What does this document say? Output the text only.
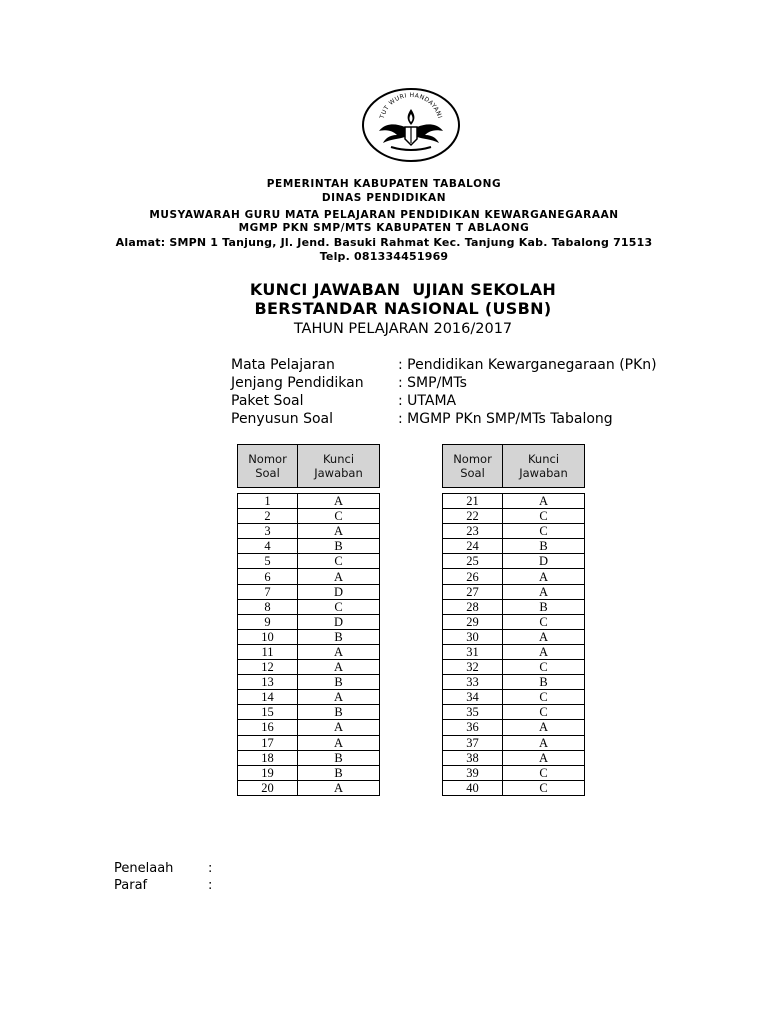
TUT WURI HANDAYANI
PEMERINTAH KABUPATEN TABALONG
DINAS PENDIDIKAN
MUSYAWARAH GURU MATA PELAJARAN PENDIDIKAN KEWARGANEGARAAN
MGMP PKN SMP/MTS KABUPATEN T ABLAONG
Alamat: SMPN 1 Tanjung, Jl. Jend. Basuki Rahmat Kec. Tanjung Kab. Tabalong 71513
Telp. 081334451969
KUNCI JAWABAN  UJIAN SEKOLAH
BERSTANDAR NASIONAL (USBN)
TAHUN PELAJARAN 2016/2017
Mata Pelajaran	: Pendidikan Kewarganegaraan (PKn)
Jenjang Pendidikan	: SMP/MTs
Paket Soal	: UTAMA
Penyusun Soal	: MGMP PKn SMP/MTs Tabalong
Nomor
Soal	Kunci
Jawaban

1	A
2	C
3	A
4	B
5	C
6	A
7	D
8	C
9	D
10	B
11	A
12	A
13	B
14	A
15	B
16	A
17	A
18	B
19	B
20	A
Nomor
Soal	Kunci
Jawaban

21	A
22	C
23	C
24	B
25	D
26	A
27	A
28	B
29	C
30	A
31	A
32	C
33	B
34	C
35	C
36	A
37	A
38	A
39	C
40	C
Penelaah	:
Paraf	:
